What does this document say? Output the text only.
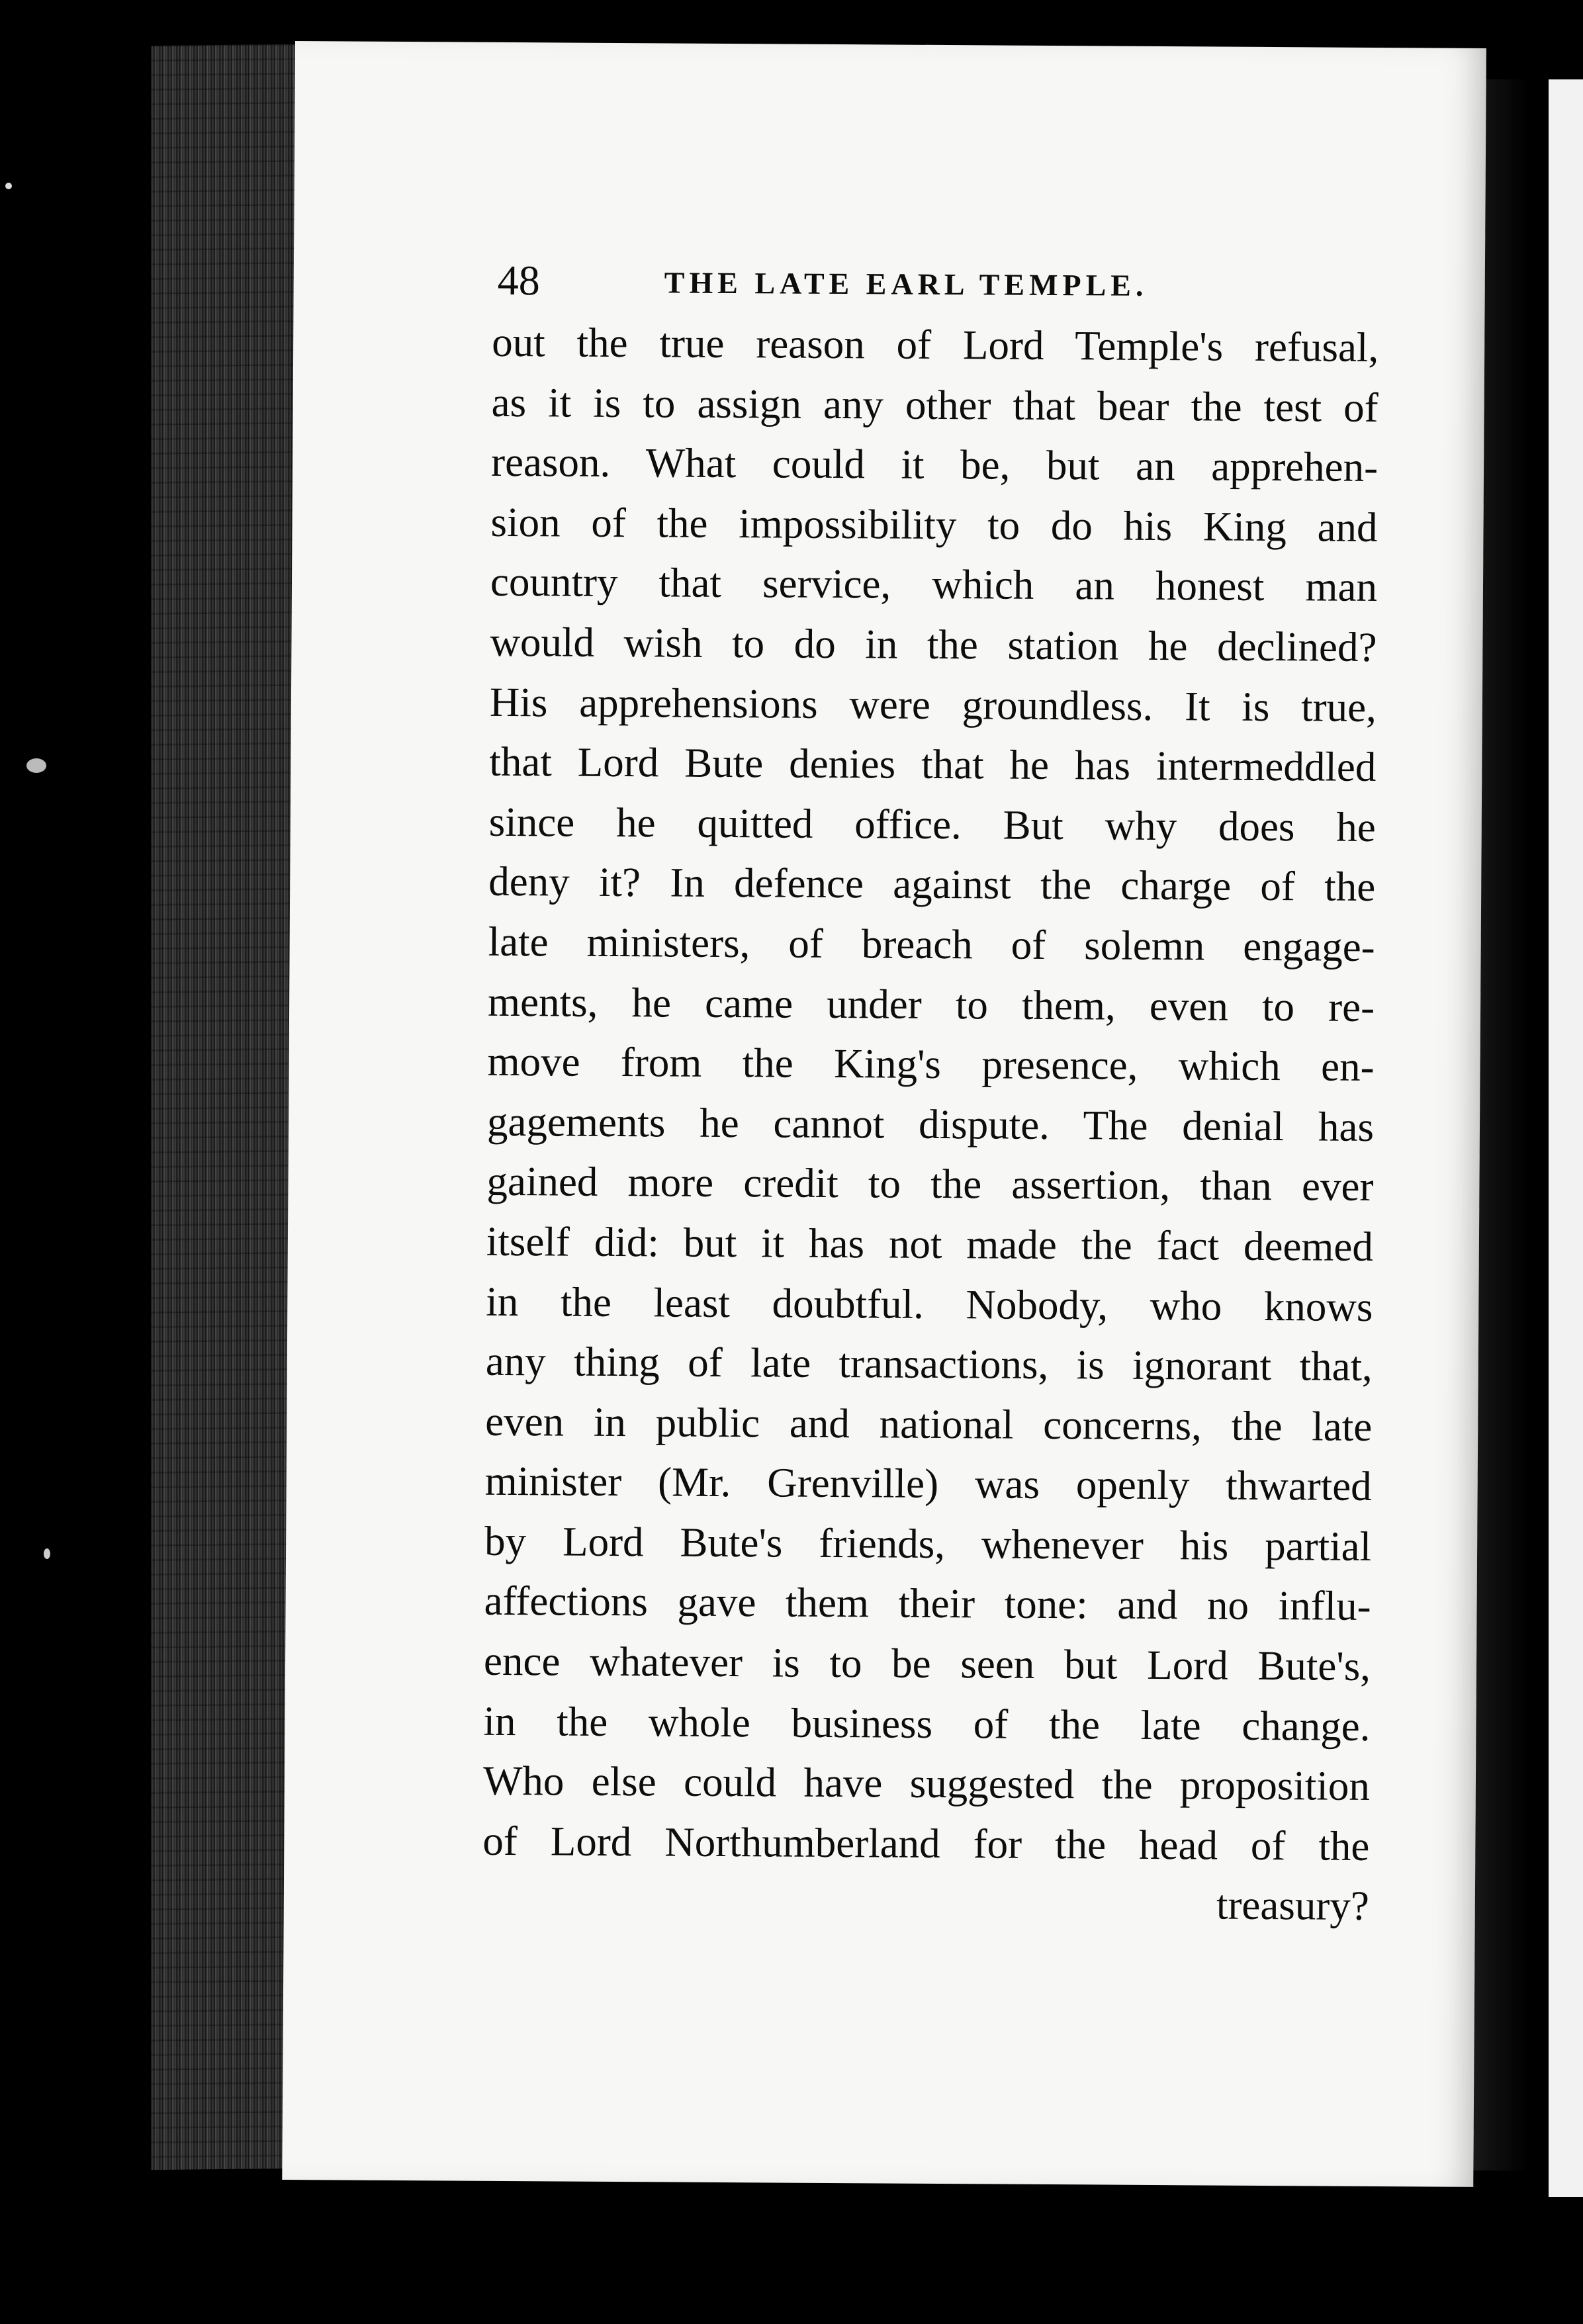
48	THE LATE EARL TEMPLE.
out the true reason of Lord Temple's refusal,
as it is to assign any other that bear the test of
reason. What could it be, but an apprehen-
sion of the impossibility to do his King and
country that service, which an honest man
would wish to do in the station he declined?
His apprehensions were groundless. It is true,
that Lord Bute denies that he has intermeddled
since he quitted office. But why does he
deny it? In defence against the charge of the
late ministers, of breach of solemn engage-
ments, he came under to them, even to re-
move from the King's presence, which en-
gagements he cannot dispute. The denial has
gained more credit to the assertion, than ever
itself did: but it has not made the fact deemed
in the least doubtful. Nobody, who knows
any thing of late transactions, is ignorant that,
even in public and national concerns, the late
minister (Mr. Grenville) was openly thwarted
by Lord Bute's friends, whenever his partial
affections gave them their tone: and no influ-
ence whatever is to be seen but Lord Bute's,
in the whole business of the late change.
Who else could have suggested the proposition
of Lord Northumberland for the head of the
treasury?
